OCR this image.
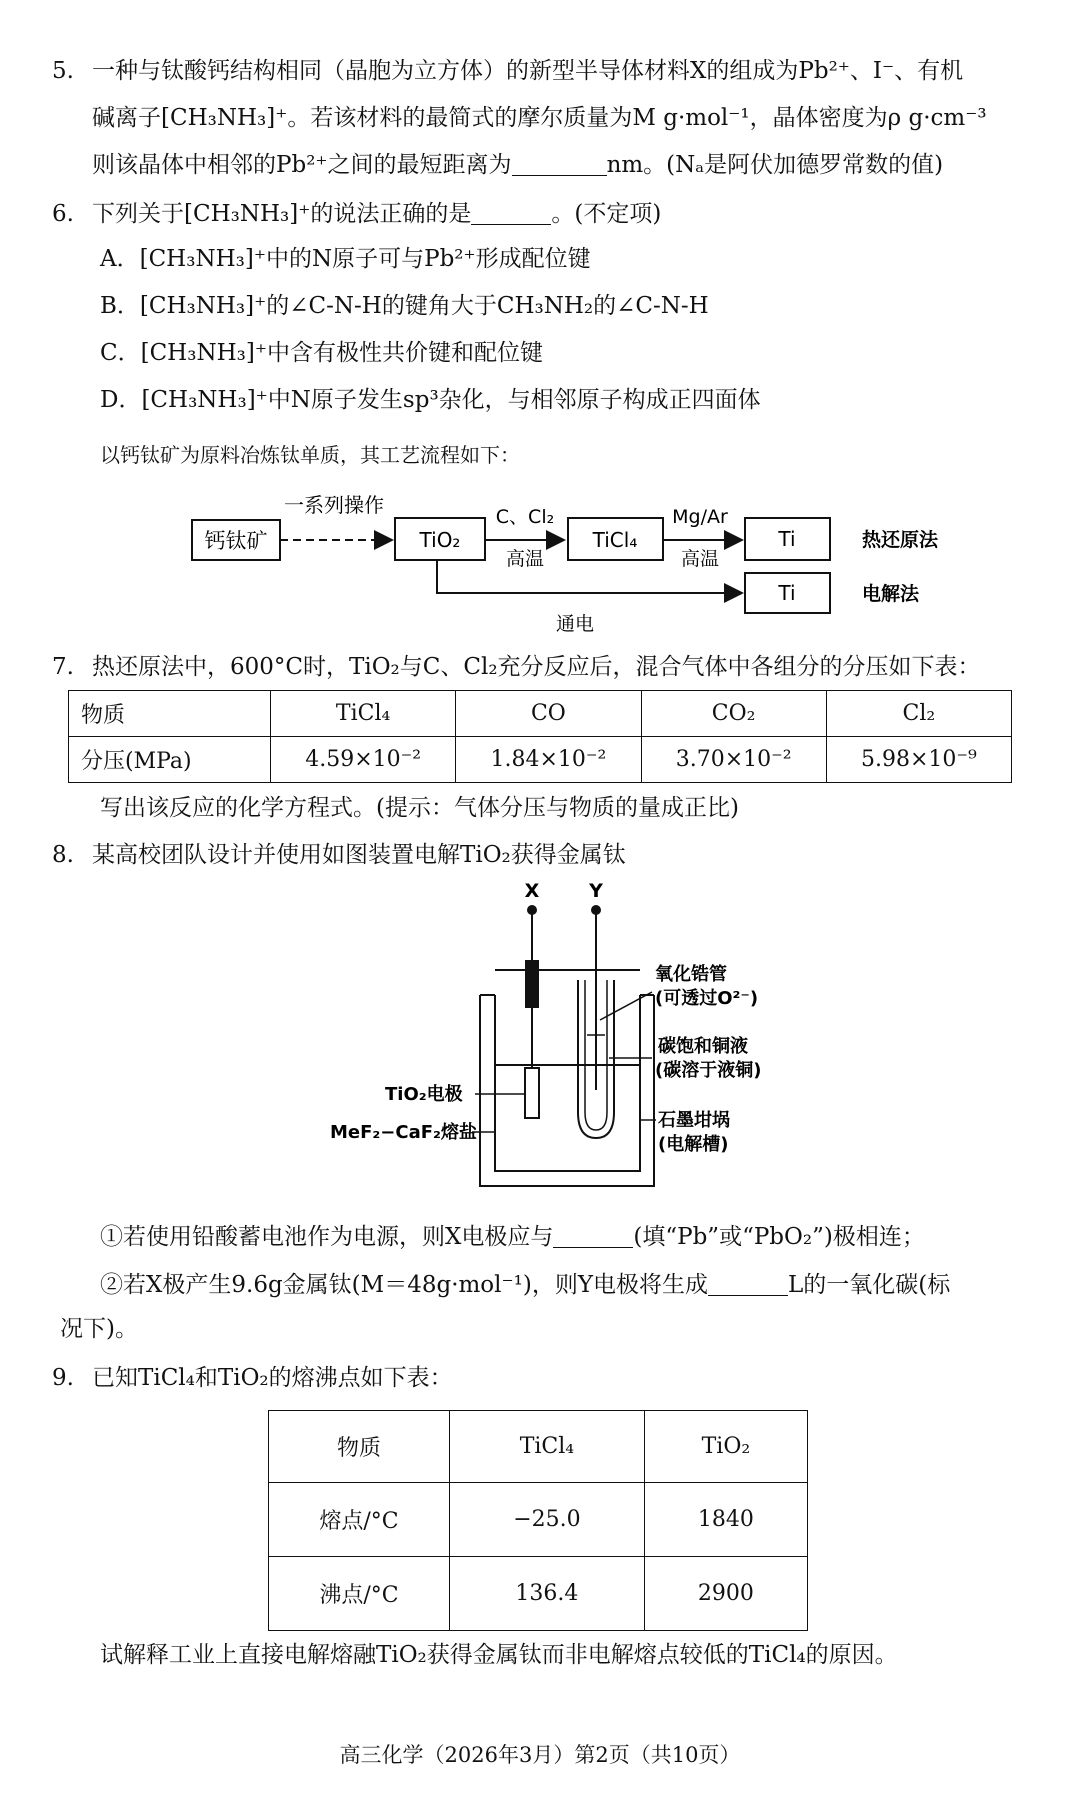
5. 一种与钛酸钙结构相同（晶胞为立方体）的新型半导体材料X的组成为Pb²⁺、I⁻、有机
碱离子[CH₃NH₃]⁺。若该材料的最简式的摩尔质量为M g·mol⁻¹，晶体密度为ρ g·cm⁻³
则该晶体中相邻的Pb²⁺之间的最短距离为	nm。(Nₐ是阿伏加德罗常数的值)
6. 下列关于[CH₃NH₃]⁺的说法正确的是	。(不定项)
A．[CH₃NH₃]⁺中的N原子可与Pb²⁺形成配位键
B．[CH₃NH₃]⁺的∠C-N-H的键角大于CH₃NH₂的∠C-N-H
C．[CH₃NH₃]⁺中含有极性共价键和配位键
D．[CH₃NH₃]⁺中N原子发生sp³杂化，与相邻原子构成正四面体
以钙钛矿为原料冶炼钛单质，其工艺流程如下：
钙钛矿
一系列操作
TiO₂
C、Cl₂
高温
TiCl₄
Mg/Ar
高温
Ti	热还原法
通电
Ti	电解法
7. 热还原法中，600°C时，TiO₂与C、Cl₂充分反应后，混合气体中各组分的分压如下表：
物质	TiCl₄	CO	CO₂	Cl₂
分压(MPa)	4.59×10⁻²	1.84×10⁻²	3.70×10⁻²	5.98×10⁻⁹
写出该反应的化学方程式。(提示：气体分压与物质的量成正比)
8. 某高校团队设计并使用如图装置电解TiO₂获得金属钛
X	Y
氧化锆管
(可透过O²⁻)
碳饱和铜液
(碳溶于液铜)
石墨坩埚
(电解槽)
TiO₂电极
MeF₂−CaF₂熔盐
①若使用铅酸蓄电池作为电源，则X电极应与	(填“Pb”或“PbO₂”)极相连；
②若X极产生9.6g金属钛(M＝48g·mol⁻¹)，则Y电极将生成	L的一氧化碳(标
况下)。
9. 已知TiCl₄和TiO₂的熔沸点如下表：
物质	TiCl₄	TiO₂
熔点/°C	−25.0	1840
沸点/°C	136.4	2900
试解释工业上直接电解熔融TiO₂获得金属钛而非电解熔点较低的TiCl₄的原因。
高三化学（2026年3月）第2页（共10页）
